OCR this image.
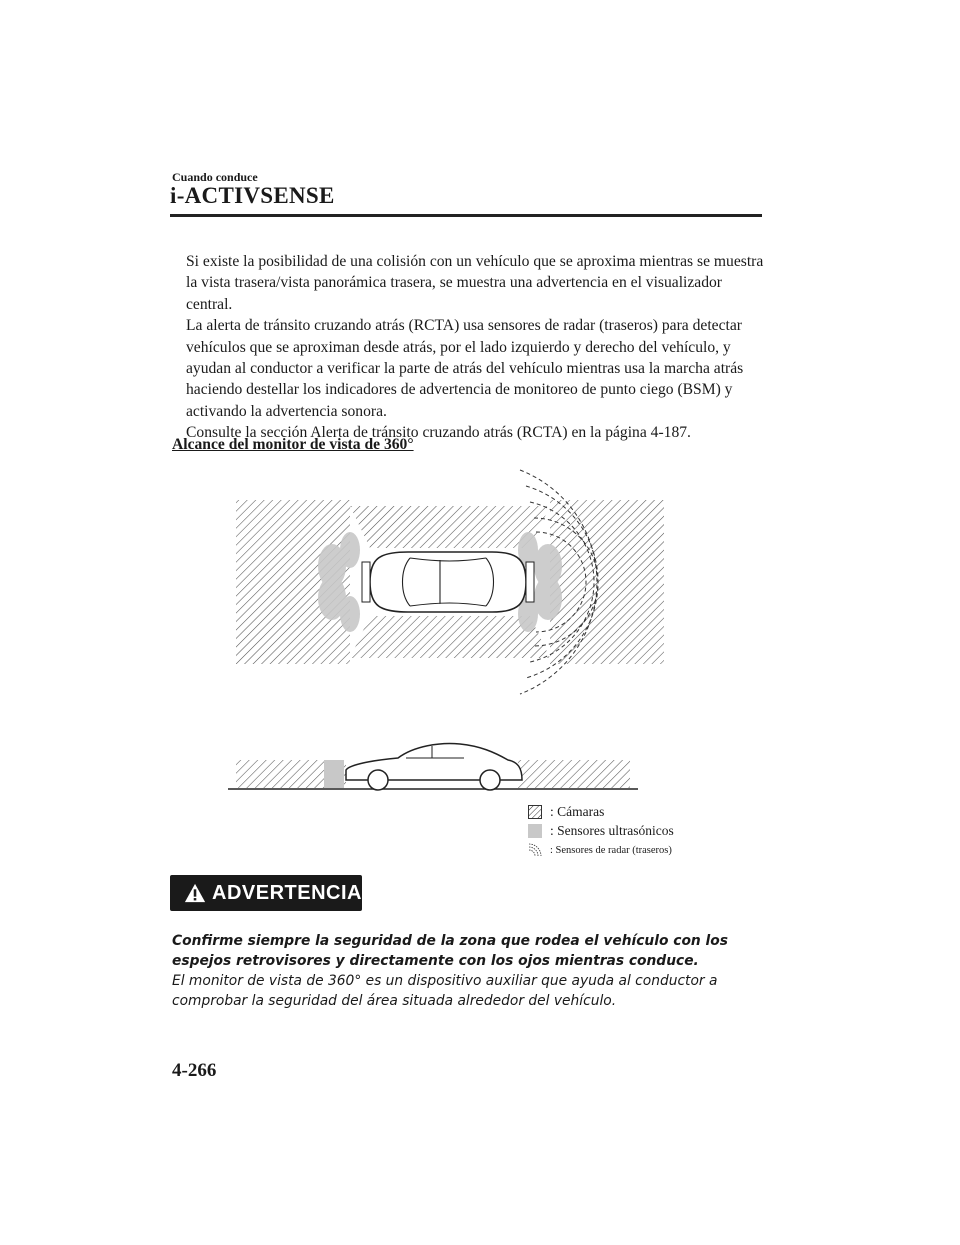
Cuando conduce
i-ACTIVSENSE

Si existe la posibilidad de una colisión con un vehículo que se aproxima mientras se muestra la vista trasera/vista panorámica trasera, se muestra una advertencia en el visualizador central.

La alerta de tránsito cruzando atrás (RCTA) usa sensores de radar (traseros) para detectar vehículos que se aproximan desde atrás, por el lado izquierdo y derecho del vehículo, y ayudan al conductor a verificar la parte de atrás del vehículo mientras usa la marcha atrás haciendo destellar los indicadores de advertencia de monitoreo de punto ciego (BSM) y activando la advertencia sonora.

Consulte la sección Alerta de tránsito cruzando atrás (RCTA) en la página 4-187.

Alcance del monitor de vista de 360°
: Cámaras
: Sensores ultrasónicos
: Sensores de radar (traseros)
ADVERTENCIA

Confirme siempre la seguridad de la zona que rodea el vehículo con los espejos retrovisores y directamente con los ojos mientras conduce.

El monitor de vista de 360° es un dispositivo auxiliar que ayuda al conductor a comprobar la seguridad del área situada alrededor del vehículo.

4-266
